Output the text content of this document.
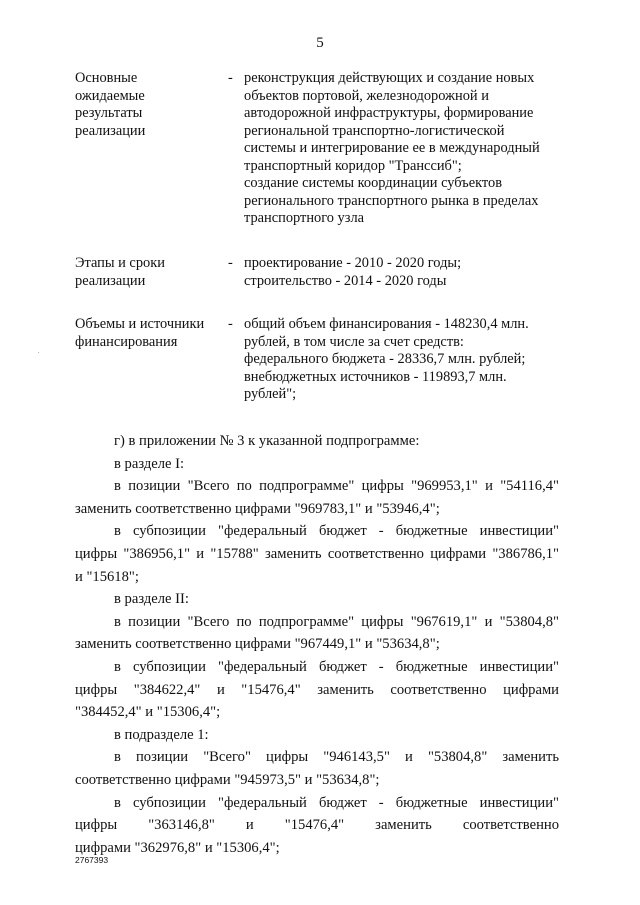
5
Основные
ожидаемые
результаты
реализации
- реконструкция действующих и создание новых
объектов портовой, железнодорожной и
автодорожной инфраструктуры, формирование
региональной транспортно-логистической
системы и интегрирование ее в международный
транспортный коридор "Транссиб";
создание системы координации субъектов
регионального транспортного рынка в пределах
транспортного узла
Этапы и сроки
реализации
- проектирование - 2010 - 2020 годы;
строительство - 2014 - 2020 годы
Объемы и источники
финансирования
- общий объем финансирования - 148230,4 млн.
рублей, в том числе за счет средств:
федерального бюджета - 28336,7 млн. рублей;
внебюджетных источников - 119893,7 млн.
рублей";
.
г) в приложении № 3 к указанной подпрограмме:
в разделе I:
в позиции "Всего по подпрограмме" цифры "969953,1" и "54116,4"
заменить соответственно цифрами "969783,1" и "53946,4";
в субпозиции "федеральный бюджет - бюджетные инвестиции"
цифры "386956,1" и "15788" заменить соответственно цифрами "386786,1"
и "15618";
в разделе II:
в позиции "Всего по подпрограмме" цифры "967619,1" и "53804,8"
заменить соответственно цифрами "967449,1" и "53634,8";
в субпозиции "федеральный бюджет - бюджетные инвестиции"
цифры "384622,4" и "15476,4" заменить соответственно цифрами
"384452,4" и "15306,4";
в подразделе 1:
в позиции "Всего" цифры "946143,5" и "53804,8" заменить
соответственно цифрами "945973,5" и "53634,8";
в субпозиции "федеральный бюджет - бюджетные инвестиции"
цифры "363146,8" и "15476,4" заменить соответственно
цифрами "362976,8" и "15306,4";
2767393
